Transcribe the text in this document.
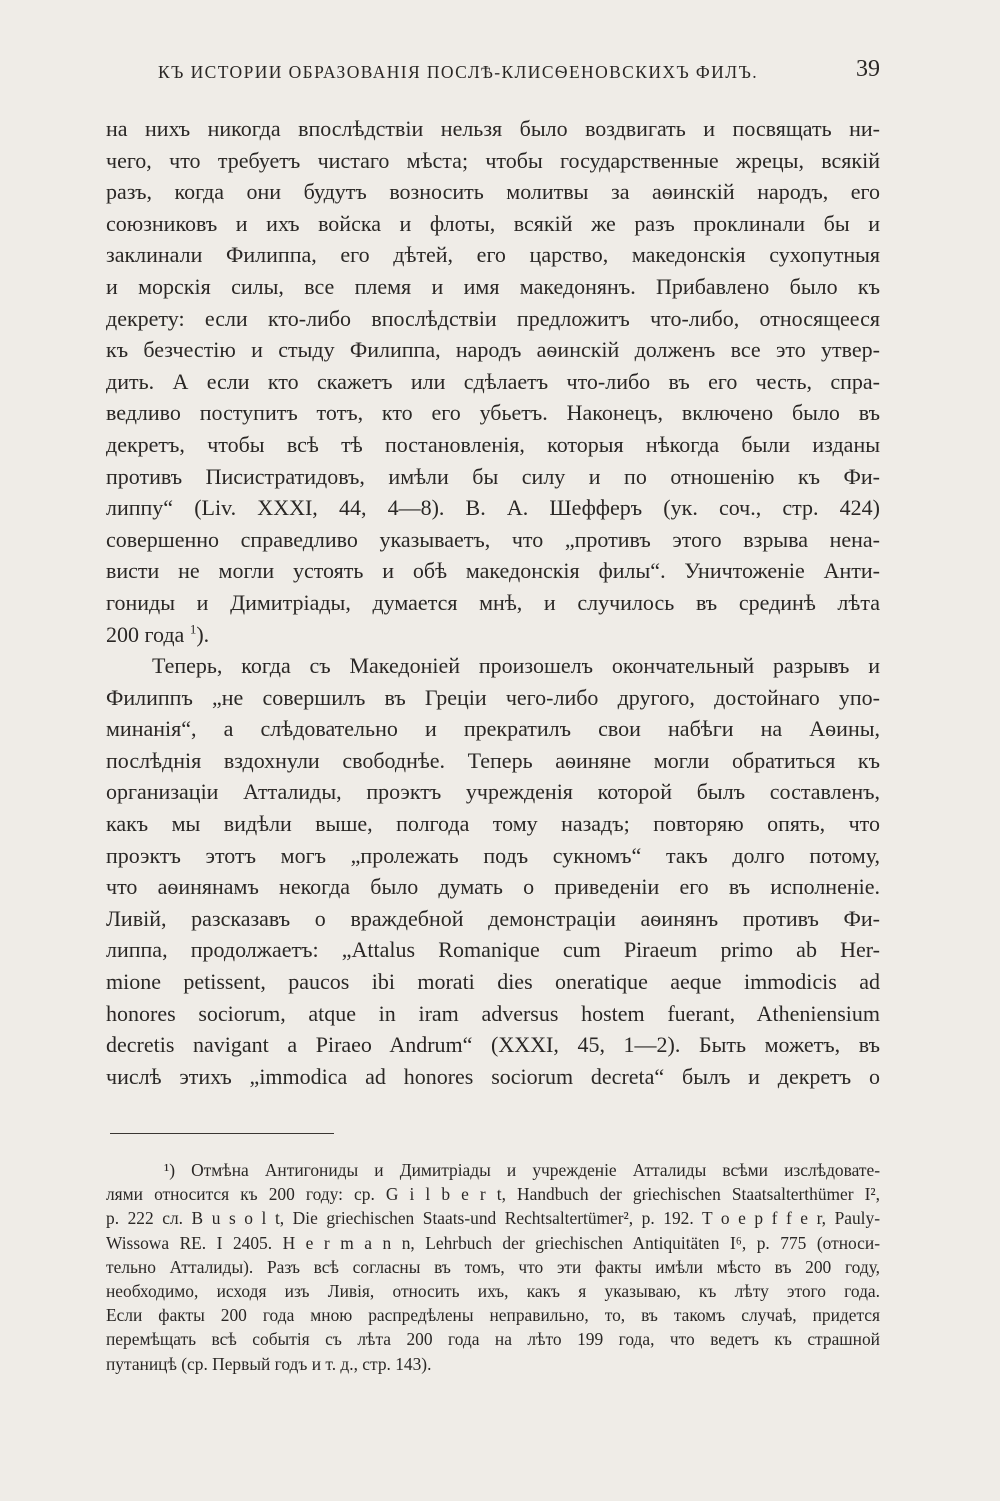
КЪ ИСТОРИИ ОБРАЗОВАНІЯ ПОСЛѢ-КЛИСѲЕНОВСКИХЪ ФИЛЪ.	39
на нихъ никогда впослѣдствіи нельзя было воздвигать и посвящать ни-
чего, что требуетъ чистаго мѣста; чтобы государственные жрецы, всякій
разъ, когда они будутъ возносить молитвы за аѳинскій народъ, его
союзниковъ и ихъ войска и флоты, всякій же разъ проклинали бы и
заклинали Филиппа, его дѣтей, его царство, македонскія сухопутныя
и морскія силы, все племя и имя македонянъ. Прибавлено было къ
декрету: если кто-либо впослѣдствіи предложитъ что-либо, относящееся
къ безчестію и стыду Филиппа, народъ аѳинскій долженъ все это утвер-
дить. А если кто скажетъ или сдѣлаетъ что-либо въ его честь, спра-
ведливо поступитъ тотъ, кто его убьетъ. Наконецъ, включено было въ
декретъ, чтобы всѣ тѣ постановленія, которыя нѣкогда были изданы
противъ Писистратидовъ, имѣли бы силу и по отношенію къ Фи-
липпу“ (Liv. XXXI, 44, 4—8). В. А. Шефферъ (ук. соч., стр. 424)
совершенно справедливо указываетъ, что „противъ этого взрыва нена-
висти не могли устоять и обѣ македонскія филы“. Уничтоженіе Анти-
гониды и Димитріады, думается мнѣ, и случилось въ срединѣ лѣта
200 года $^1$).
Теперь, когда съ Македоніей произошелъ окончательный разрывъ и
Филиппъ „не совершилъ въ Греціи чего-либо другого, достойнаго упо-
минанія“, а слѣдовательно и прекратилъ свои набѣги на Аѳины,
послѣднія вздохнули свободнѣе. Теперь аѳиняне могли обратиться къ
организаціи Атталиды, проэктъ учрежденія которой былъ составленъ,
какъ мы видѣли выше, полгода тому назадъ; повторяю опять, что
проэктъ этотъ могъ „пролежать подъ сукномъ“ такъ долго потому,
что аѳинянамъ некогда было думать о приведеніи его въ исполненіе.
Ливій, разсказавъ о враждебной демонстраціи аѳинянъ противъ Фи-
липпа, продолжаетъ: „Attalus Romanique cum Piraeum primo ab Her-
mione petissent, paucos ibi morati dies oneratique aeque immodicis ad
honores sociorum, atque in iram adversus hostem fuerant, Atheniensium
decretis navigant a Piraeo Andrum“ (XXXI, 45, 1—2). Быть можетъ, въ
числѣ этихъ „immodica ad honores sociorum decreta“ былъ и декретъ о
¹) Отмѣна Антигониды и Димитріады и учрежденіе Атталиды всѣми изслѣдовате-
лями относится къ 200 году: ср. G i l b e r t, Handbuch der griechischen Staatsalterthümer I²,
p. 222 сл. B u s o l t, Die griechischen Staats-und Rechtsaltertümer², p. 192. T o e p f f e r, Pauly-
Wissowa RE. I 2405. H e r m a n n, Lehrbuch der griechischen Antiquitäten I⁶, p. 775 (относи-
тельно Атталиды). Разъ всѣ согласны въ томъ, что эти факты имѣли мѣсто въ 200 году,
необходимо, исходя изъ Ливія, относить ихъ, какъ я указываю, къ лѣту этого года.
Если факты 200 года мною распредѣлены неправильно, то, въ такомъ случаѣ, придется
перемѣщать всѣ событія съ лѣта 200 года на лѣто 199 года, что ведетъ къ страшной
путаницѣ (ср. Первый годъ и т. д., стр. 143).
